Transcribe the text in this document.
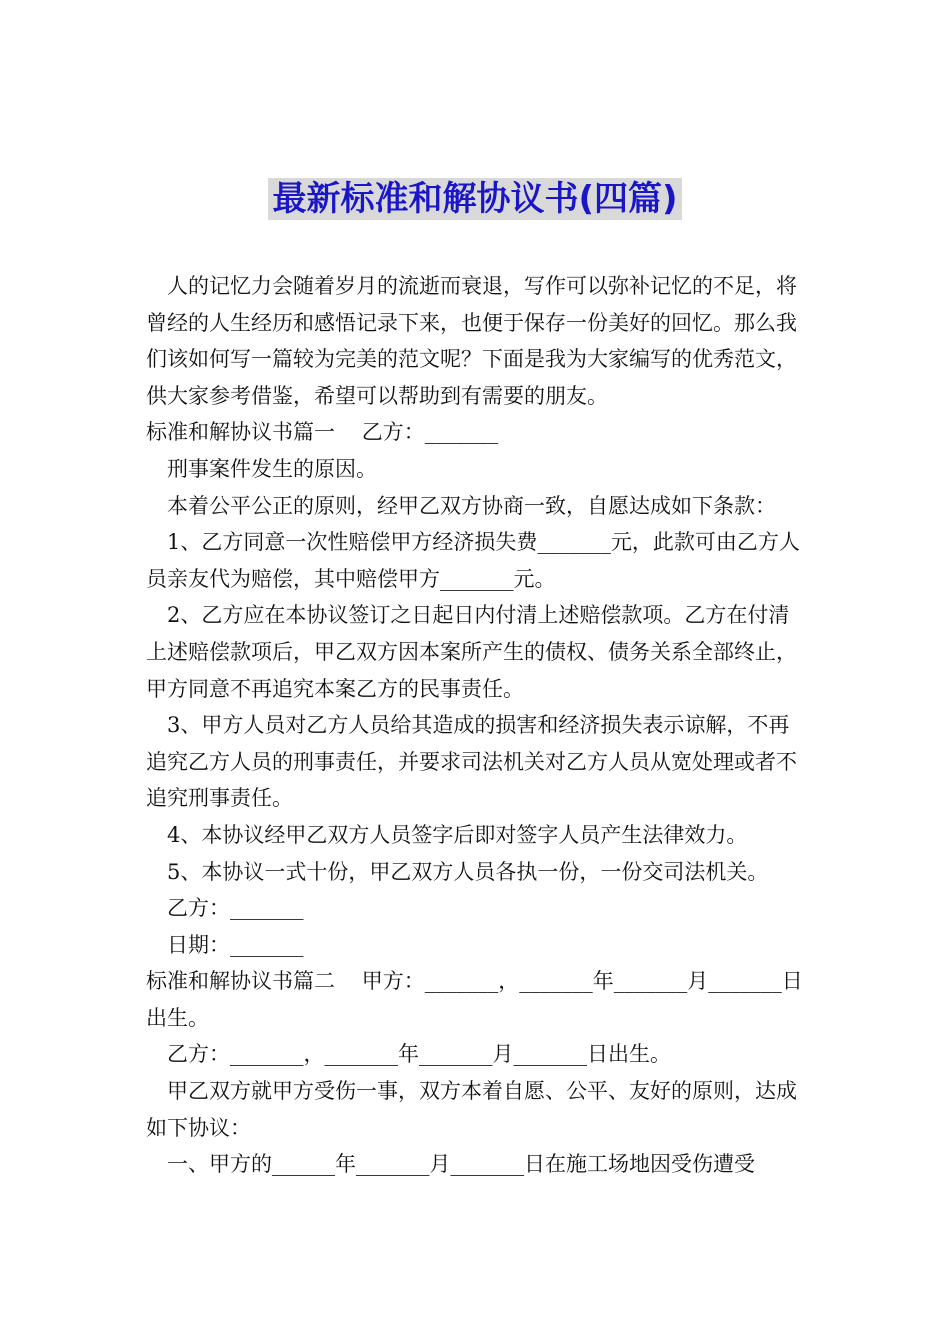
最新标准和解协议书(四篇)

人的记忆力会随着岁月的流逝而衰退，写作可以弥补记忆的不足，将曾经的人生经历和感悟记录下来，也便于保存一份美好的回忆。那么我们该如何写一篇较为完美的范文呢？下面是我为大家编写的优秀范文，供大家参考借鉴，希望可以帮助到有需要的朋友。

标准和解协议书篇一    乙方：_______

刑事案件发生的原因。

本着公平公正的原则，经甲乙双方协商一致，自愿达成如下条款：

1、乙方同意一次性赔偿甲方经济损失费_______元，此款可由乙方人员亲友代为赔偿，其中赔偿甲方_______元。

2、乙方应在本协议签订之日起日内付清上述赔偿款项。乙方在付清上述赔偿款项后，甲乙双方因本案所产生的债权、债务关系全部终止，甲方同意不再追究本案乙方的民事责任。

3、甲方人员对乙方人员给其造成的损害和经济损失表示谅解，不再追究乙方人员的刑事责任，并要求司法机关对乙方人员从宽处理或者不追究刑事责任。

4、本协议经甲乙双方人员签字后即对签字人员产生法律效力。

5、本协议一式十份，甲乙双方人员各执一份，一份交司法机关。

乙方：_______

日期：_______

标准和解协议书篇二    甲方：_______，_______年_______月_______日出生。

乙方：_______，_______年_______月_______日出生。

甲乙双方就甲方受伤一事，双方本着自愿、公平、友好的原则，达成如下协议：

一、甲方的______年_______月_______日在施工场地因受伤遭受
